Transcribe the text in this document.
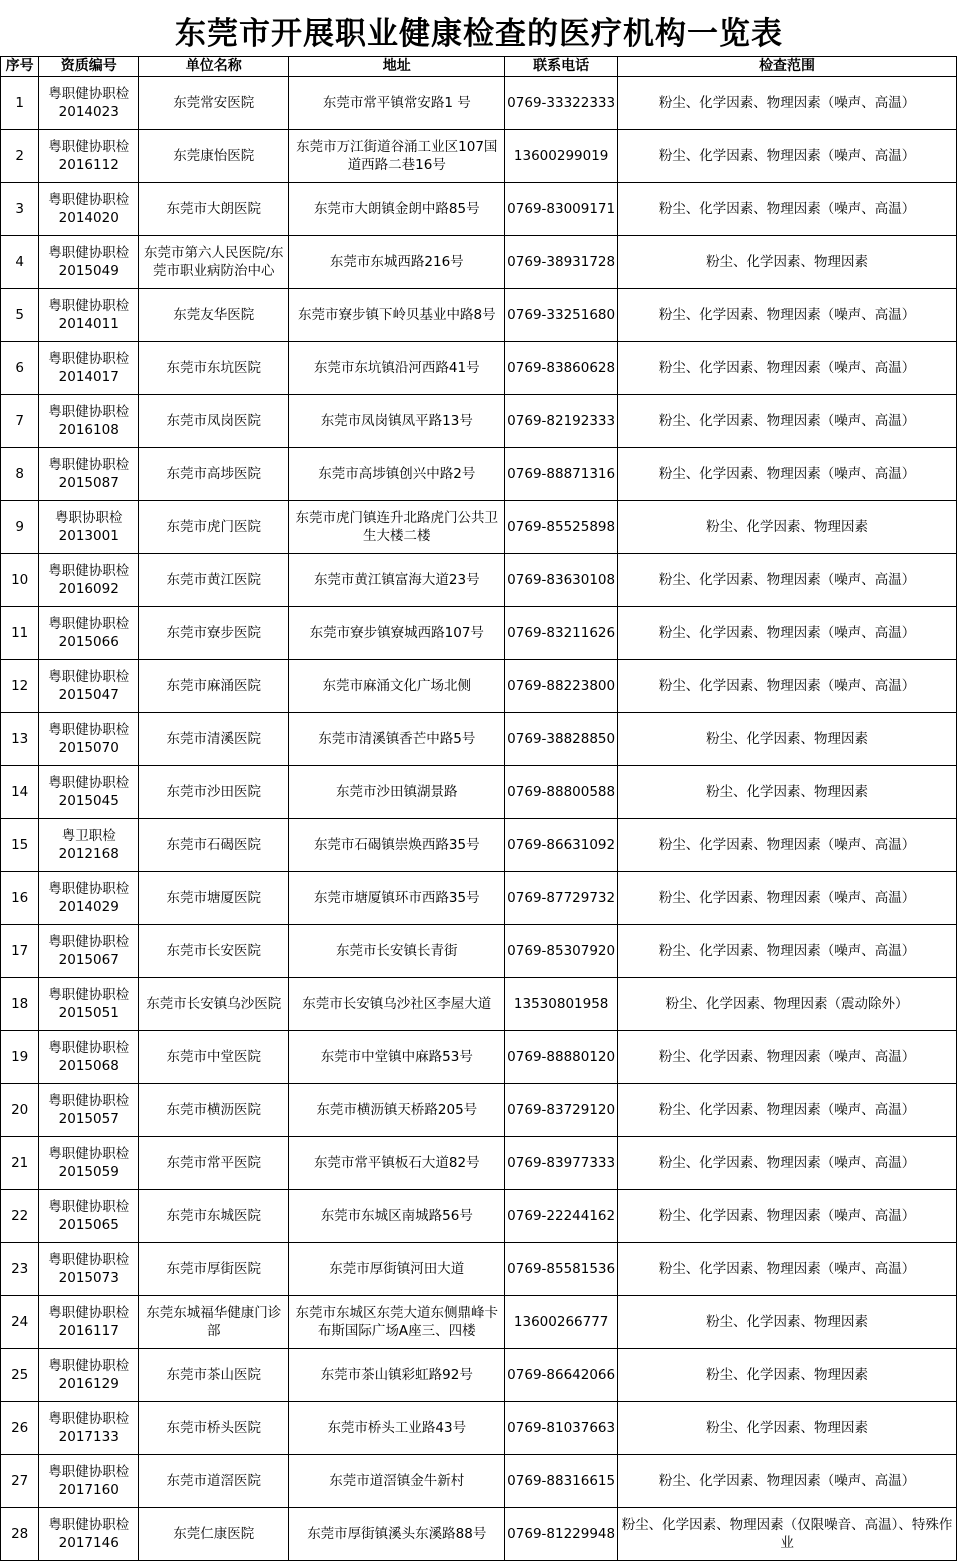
东莞市开展职业健康检查的医疗机构一览表
序号	资质编号	单位名称	地址	联系电话	检查范围
1	粤职健协职检 2014023	东莞常安医院	东莞市常平镇常安路1 号	0769-33322333	粉尘、化学因素、物理因素（噪声、高温）
2	粤职健协职检 2016112	东莞康怡医院	东莞市万江街道谷涌工业区107国道西路二巷16号	13600299019	粉尘、化学因素、物理因素（噪声、高温）
3	粤职健协职检 2014020	东莞市大朗医院	东莞市大朗镇金朗中路85号	0769-83009171	粉尘、化学因素、物理因素（噪声、高温）
4	粤职健协职检 2015049	东莞市第六人民医院/东莞市职业病防治中心	东莞市东城西路216号	0769-38931728	粉尘、化学因素、物理因素
5	粤职健协职检 2014011	东莞友华医院	东莞市寮步镇下岭贝基业中路8号	0769-33251680	粉尘、化学因素、物理因素（噪声、高温）
6	粤职健协职检 2014017	东莞市东坑医院	东莞市东坑镇沿河西路41号	0769-83860628	粉尘、化学因素、物理因素（噪声、高温）
7	粤职健协职检 2016108	东莞市凤岗医院	东莞市凤岗镇凤平路13号	0769-82192333	粉尘、化学因素、物理因素（噪声、高温）
8	粤职健协职检 2015087	东莞市高埗医院	东莞市高埗镇创兴中路2号	0769-88871316	粉尘、化学因素、物理因素（噪声、高温）
9	粤职协职检 2013001	东莞市虎门医院	东莞市虎门镇连升北路虎门公共卫生大楼二楼	0769-85525898	粉尘、化学因素、物理因素
10	粤职健协职检 2016092	东莞市黄江医院	东莞市黄江镇富海大道23号	0769-83630108	粉尘、化学因素、物理因素（噪声、高温）
11	粤职健协职检 2015066	东莞市寮步医院	东莞市寮步镇寮城西路107号	0769-83211626	粉尘、化学因素、物理因素（噪声、高温）
12	粤职健协职检 2015047	东莞市麻涌医院	东莞市麻涌文化广场北侧	0769-88223800	粉尘、化学因素、物理因素（噪声、高温）
13	粤职健协职检 2015070	东莞市清溪医院	东莞市清溪镇香芒中路5号	0769-38828850	粉尘、化学因素、物理因素
14	粤职健协职检 2015045	东莞市沙田医院	东莞市沙田镇湖景路	0769-88800588	粉尘、化学因素、物理因素
15	粤卫职检 2012168	东莞市石碣医院	东莞市石碣镇崇焕西路35号	0769-86631092	粉尘、化学因素、物理因素（噪声、高温）
16	粤职健协职检 2014029	东莞市塘厦医院	东莞市塘厦镇环市西路35号	0769-87729732	粉尘、化学因素、物理因素（噪声、高温）
17	粤职健协职检 2015067	东莞市长安医院	东莞市长安镇长青街	0769-85307920	粉尘、化学因素、物理因素（噪声、高温）
18	粤职健协职检 2015051	东莞市长安镇乌沙医院	东莞市长安镇乌沙社区李屋大道	13530801958	粉尘、化学因素、物理因素（震动除外）
19	粤职健协职检 2015068	东莞市中堂医院	东莞市中堂镇中麻路53号	0769-88880120	粉尘、化学因素、物理因素（噪声、高温）
20	粤职健协职检 2015057	东莞市横沥医院	东莞市横沥镇天桥路205号	0769-83729120	粉尘、化学因素、物理因素（噪声、高温）
21	粤职健协职检 2015059	东莞市常平医院	东莞市常平镇板石大道82号	0769-83977333	粉尘、化学因素、物理因素（噪声、高温）
22	粤职健协职检 2015065	东莞市东城医院	东莞市东城区南城路56号	0769-22244162	粉尘、化学因素、物理因素（噪声、高温）
23	粤职健协职检 2015073	东莞市厚街医院	东莞市厚街镇河田大道	0769-85581536	粉尘、化学因素、物理因素（噪声、高温）
24	粤职健协职检 2016117	东莞东城福华健康门诊部	东莞市东城区东莞大道东侧鼎峰卡布斯国际广场A座三、四楼	13600266777	粉尘、化学因素、物理因素
25	粤职健协职检 2016129	东莞市茶山医院	东莞市茶山镇彩虹路92号	0769-86642066	粉尘、化学因素、物理因素
26	粤职健协职检 2017133	东莞市桥头医院	东莞市桥头工业路43号	0769-81037663	粉尘、化学因素、物理因素
27	粤职健协职检 2017160	东莞市道滘医院	东莞市道滘镇金牛新村	0769-88316615	粉尘、化学因素、物理因素（噪声、高温）
28	粤职健协职检 2017146	东莞仁康医院	东莞市厚街镇溪头东溪路88号	0769-81229948	粉尘、化学因素、物理因素（仅限噪音、高温）、特殊作业
